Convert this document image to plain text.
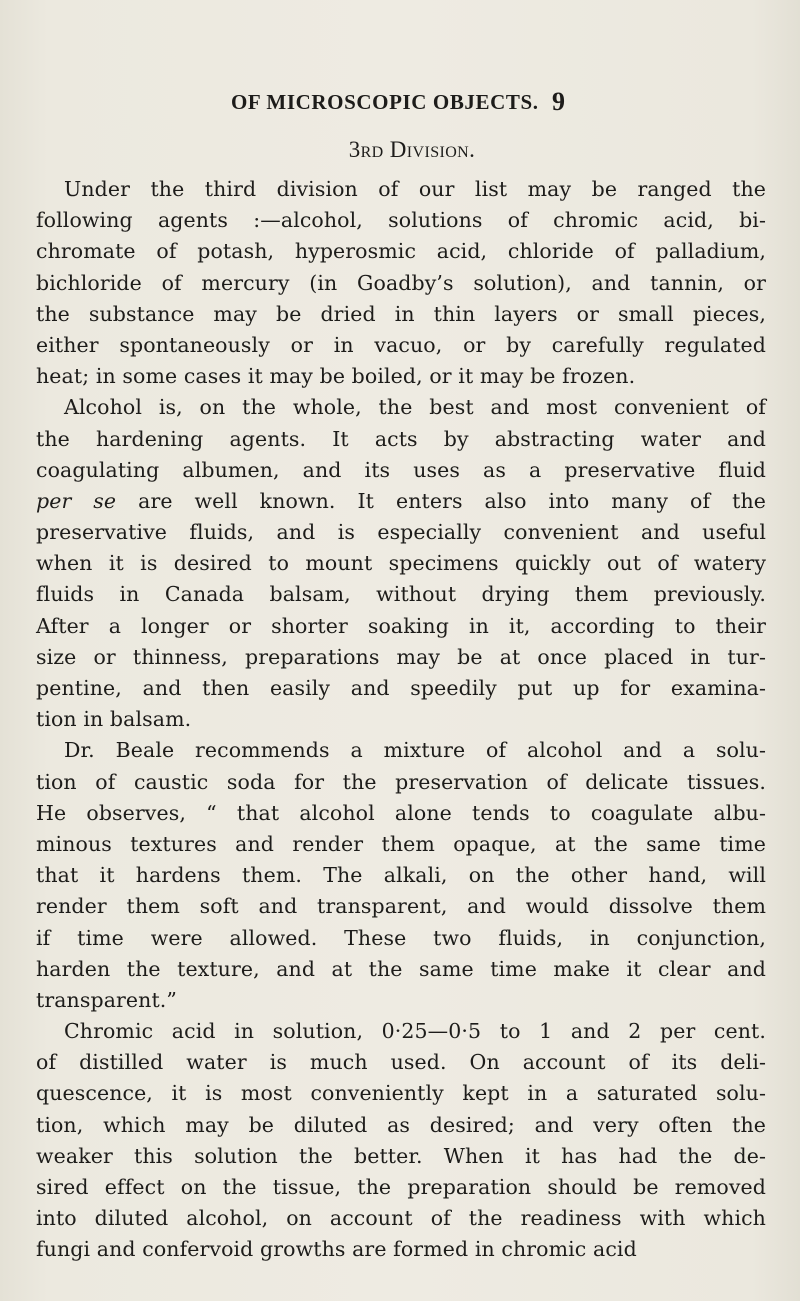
OF MICROSCOPIC OBJECTS. 9
3rd Division.
Under the third division of our list may be ranged the
following agents :—alcohol, solutions of chromic acid, bi-
chromate of potash, hyperosmic acid, chloride of palladium,
bichloride of mercury (in Goadby’s solution), and tannin, or
the substance may be dried in thin layers or small pieces,
either spontaneously or in vacuo, or by carefully regulated
heat; in some cases it may be boiled, or it may be frozen.
Alcohol is, on the whole, the best and most convenient of
the hardening agents. It acts by abstracting water and
coagulating albumen, and its uses as a preservative fluid
per se are well known. It enters also into many of the
preservative fluids, and is especially convenient and useful
when it is desired to mount specimens quickly out of watery
fluids in Canada balsam, without drying them previously.
After a longer or shorter soaking in it, according to their
size or thinness, preparations may be at once placed in tur-
pentine, and then easily and speedily put up for examina-
tion in balsam.
Dr. Beale recommends a mixture of alcohol and a solu-
tion of caustic soda for the preservation of delicate tissues.
He observes, “ that alcohol alone tends to coagulate albu-
minous textures and render them opaque, at the same time
that it hardens them. The alkali, on the other hand, will
render them soft and transparent, and would dissolve them
if time were allowed. These two fluids, in conjunction,
harden the texture, and at the same time make it clear and
transparent.”
Chromic acid in solution, 0·25—0·5 to 1 and 2 per cent.
of distilled water is much used. On account of its deli-
quescence, it is most conveniently kept in a saturated solu-
tion, which may be diluted as desired; and very often the
weaker this solution the better. When it has had the de-
sired effect on the tissue, the preparation should be removed
into diluted alcohol, on account of the readiness with which
fungi and confervoid growths are formed in chromic acid
